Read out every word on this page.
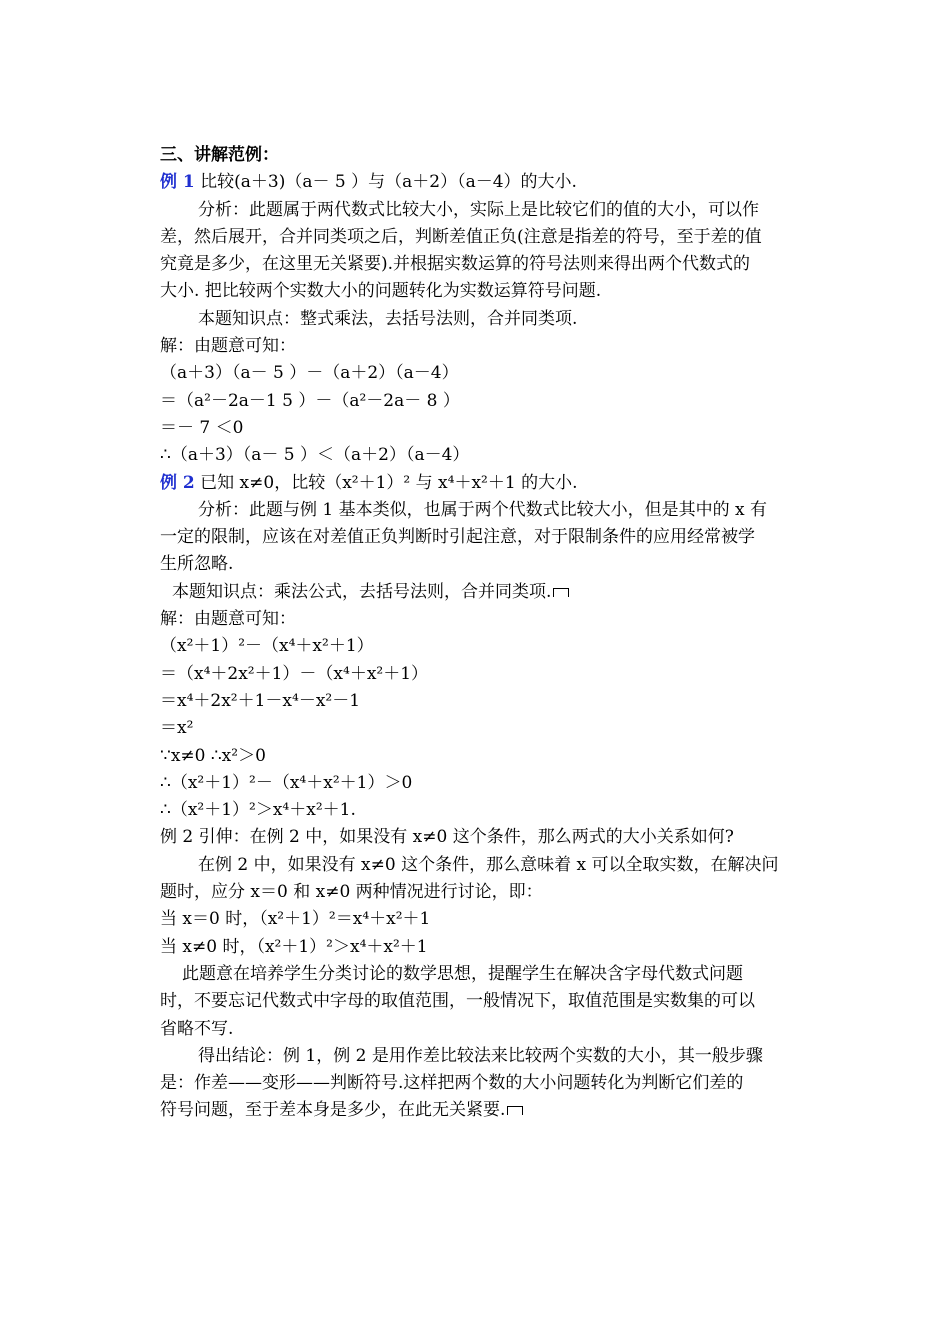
三、讲解范例：
例 1 比较(a＋3)（a－ 5 ）与（a＋2）（a－4）的大小.
分析：此题属于两代数式比较大小，实际上是比较它们的值的大小，可以作
差，然后展开，合并同类项之后，判断差值正负(注意是指差的符号，至于差的值
究竟是多少，在这里无关紧要).并根据实数运算的符号法则来得出两个代数式的
大小. 把比较两个实数大小的问题转化为实数运算符号问题.
本题知识点：整式乘法，去括号法则，合并同类项.
解：由题意可知：
（a＋3）（a－ 5 ）－（a＋2）（a－4）
＝（a²－2a－1 5 ）－（a²－2a－ 8 ）
＝－ 7 ＜0
∴（a＋3）（a－ 5 ）＜（a＋2）（a－4）
例 2 已知 x≠0，比较（x²＋1）² 与 x⁴＋x²＋1 的大小.
分析：此题与例 1 基本类似，也属于两个代数式比较大小，但是其中的 x 有
一定的限制，应该在对差值正负判断时引起注意，对于限制条件的应用经常被学
生所忽略.
本题知识点：乘法公式，去括号法则，合并同类项.
解：由题意可知：
（x²＋1）²－（x⁴＋x²＋1）
＝（x⁴＋2x²＋1）－（x⁴＋x²＋1）
＝x⁴＋2x²＋1－x⁴－x²－1
＝x²
∵x≠0 ∴x²＞0
∴（x²＋1）²－（x⁴＋x²＋1）＞0
∴（x²＋1）²＞x⁴＋x²＋1.
例 2 引伸：在例 2 中，如果没有 x≠0 这个条件，那么两式的大小关系如何?
在例 2 中，如果没有 x≠0 这个条件，那么意味着 x 可以全取实数，在解决问
题时，应分 x＝0 和 x≠0 两种情况进行讨论，即：
当 x＝0 时，（x²＋1）²＝x⁴＋x²＋1
当 x≠0 时，（x²＋1）²＞x⁴＋x²＋1
此题意在培养学生分类讨论的数学思想，提醒学生在解决含字母代数式问题
时，不要忘记代数式中字母的取值范围，一般情况下，取值范围是实数集的可以
省略不写.
得出结论：例 1，例 2 是用作差比较法来比较两个实数的大小，其一般步骤
是：作差——变形——判断符号.这样把两个数的大小问题转化为判断它们差的
符号问题，至于差本身是多少，在此无关紧要.
